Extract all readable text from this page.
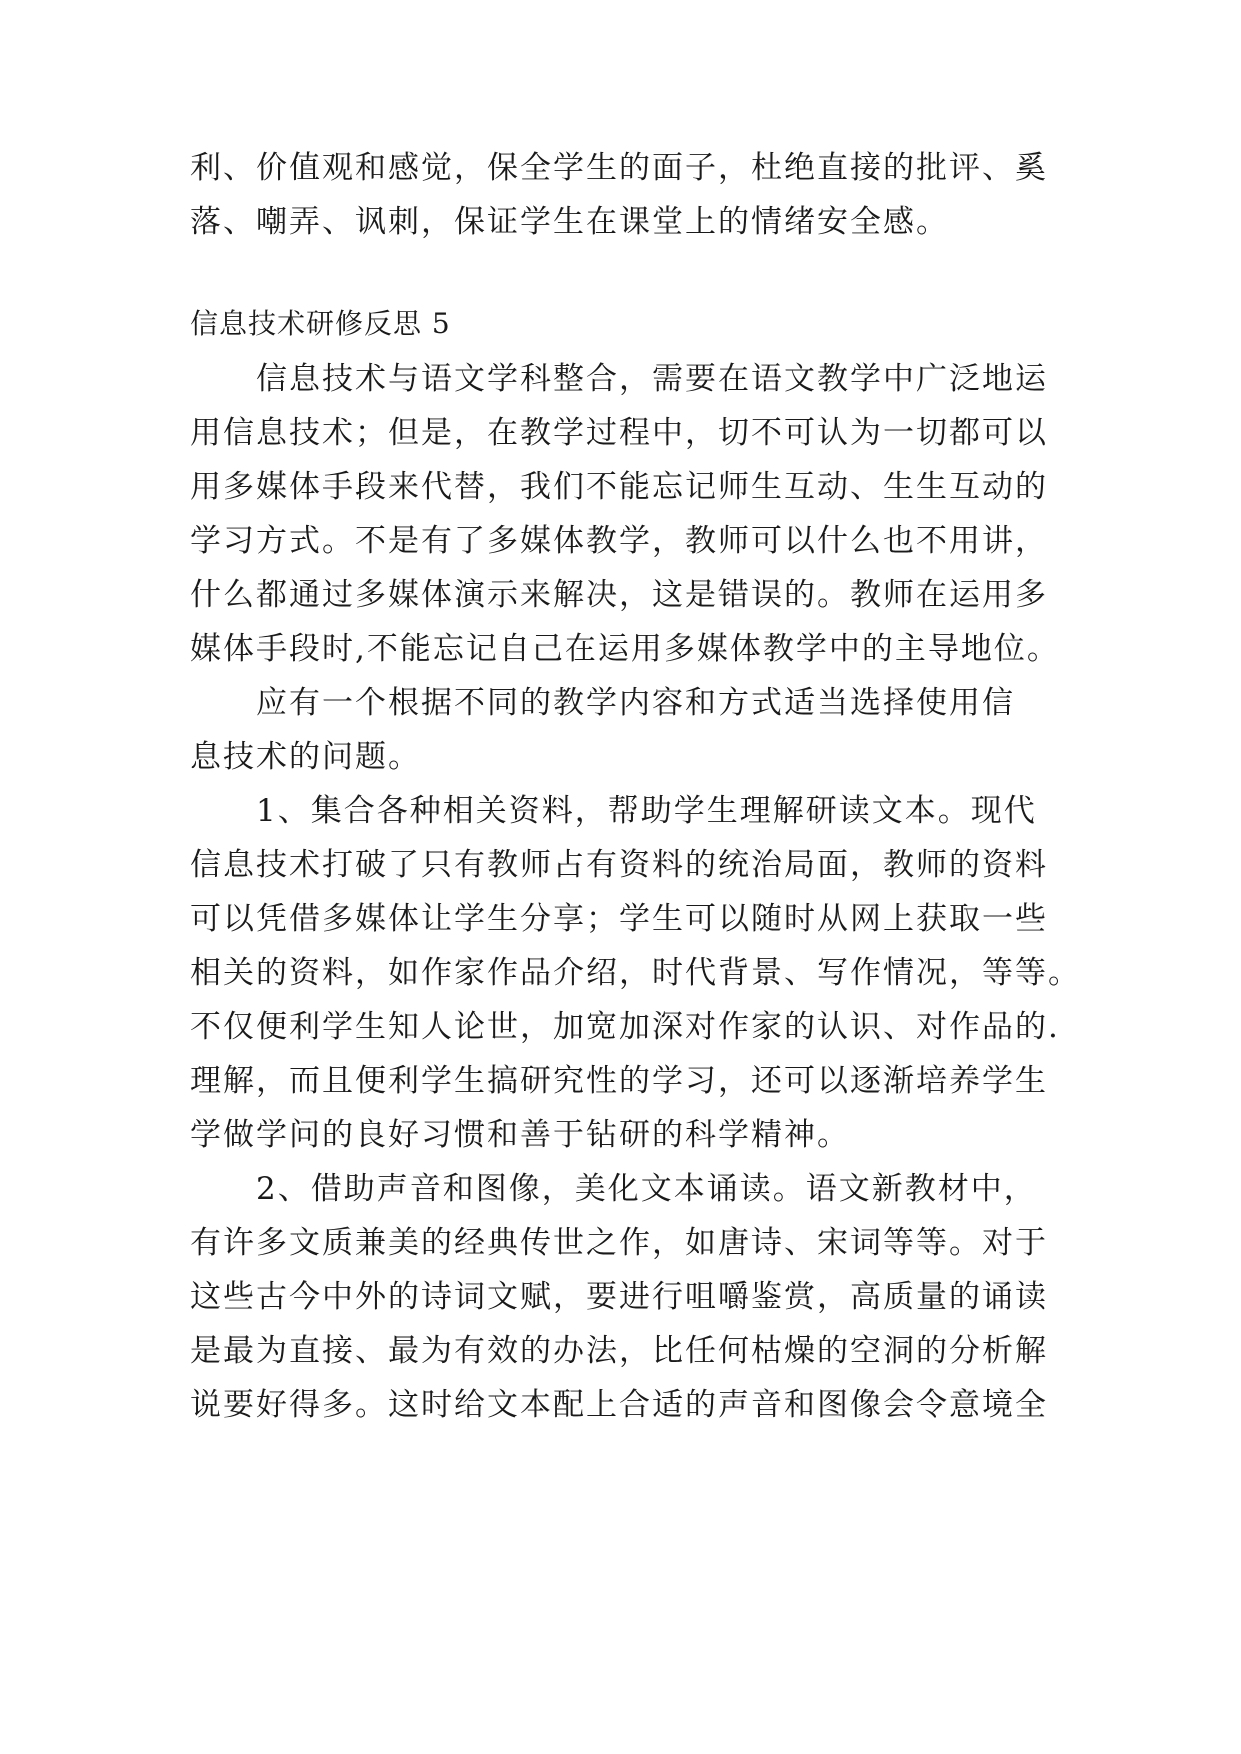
利、价值观和感觉，保全学生的面子，杜绝直接的批评、奚
落、嘲弄、讽刺，保证学生在课堂上的情绪安全感。
信息技术研修反思 5
　　信息技术与语文学科整合，需要在语文教学中广泛地运
用信息技术；但是，在教学过程中，切不可认为一切都可以
用多媒体手段来代替，我们不能忘记师生互动、生生互动的
学习方式。不是有了多媒体教学，教师可以什么也不用讲，
什么都通过多媒体演示来解决，这是错误的。教师在运用多
媒体手段时,不能忘记自己在运用多媒体教学中的主导地位。
　　应有一个根据不同的教学内容和方式适当选择使用信
息技术的问题。
　　1、集合各种相关资料，帮助学生理解研读文本。现代
信息技术打破了只有教师占有资料的统治局面，教师的资料
可以凭借多媒体让学生分享；学生可以随时从网上获取一些
相关的资料，如作家作品介绍，时代背景、写作情况，等等。
不仅便利学生知人论世，加宽加深对作家的认识、对作品的.
理解，而且便利学生搞研究性的学习，还可以逐渐培养学生
学做学问的良好习惯和善于钻研的科学精神。
　　2、借助声音和图像，美化文本诵读。语文新教材中，
有许多文质兼美的经典传世之作，如唐诗、宋词等等。对于
这些古今中外的诗词文赋，要进行咀嚼鉴赏，高质量的诵读
是最为直接、最为有效的办法，比任何枯燥的空洞的分析解
说要好得多。这时给文本配上合适的声音和图像会令意境全
